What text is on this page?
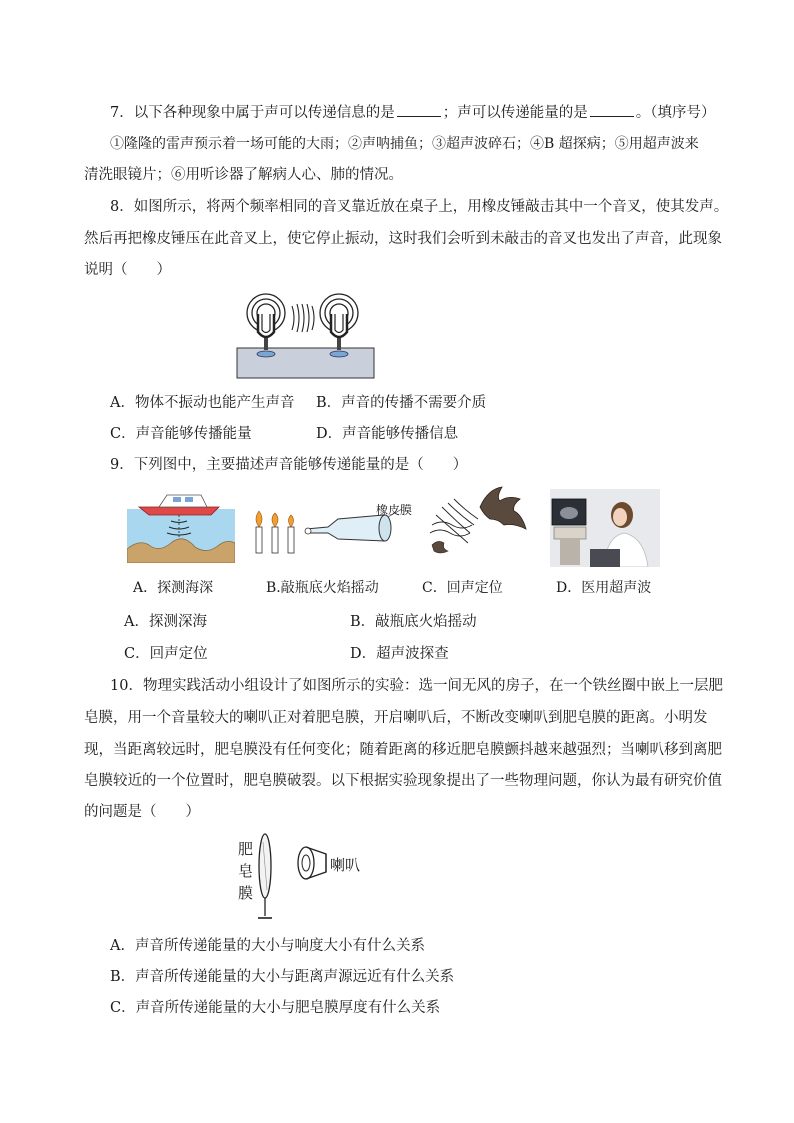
7．以下各种现象中属于声可以传递信息的是	；声可以传递能量的是	。（填序号）
①隆隆的雷声预示着一场可能的大雨；②声呐捕鱼；③超声波碎石；④B 超探病；⑤用超声波来
清洗眼镜片；⑥用听诊器了解病人心、肺的情况。
8．如图所示，将两个频率相同的音叉靠近放在桌子上，用橡皮锤敲击其中一个音叉，使其发声。
然后再把橡皮锤压在此音叉上，使它停止振动，这时我们会听到未敲击的音叉也发出了声音，此现象
说明（　　）
A．物体不振动也能产生声音 B．声音的传播不需要介质
C．声音能够传播能量	D．声音能够传播信息
9．下列图中，主要描述声音能够传递能量的是（　　）
橡皮膜
A．探测海深	B.敲瓶底火焰摇动	C．回声定位	D．医用超声波
A．探测深海	B．敲瓶底火焰摇动
C．回声定位	D．超声波探查
10．物理实践活动小组设计了如图所示的实验：选一间无风的房子，在一个铁丝圈中嵌上一层肥
皂膜，用一个音量较大的喇叭正对着肥皂膜，开启喇叭后，不断改变喇叭到肥皂膜的距离。小明发
现，当距离较远时，肥皂膜没有任何变化；随着距离的移近肥皂膜颤抖越来越强烈；当喇叭移到离肥
皂膜较近的一个位置时，肥皂膜破裂。以下根据实验现象提出了一些物理问题，你认为最有研究价值
的问题是（　　）
肥
皂
膜
喇叭
A．声音所传递能量的大小与响度大小有什么关系
B．声音所传递能量的大小与距离声源远近有什么关系
C．声音所传递能量的大小与肥皂膜厚度有什么关系
